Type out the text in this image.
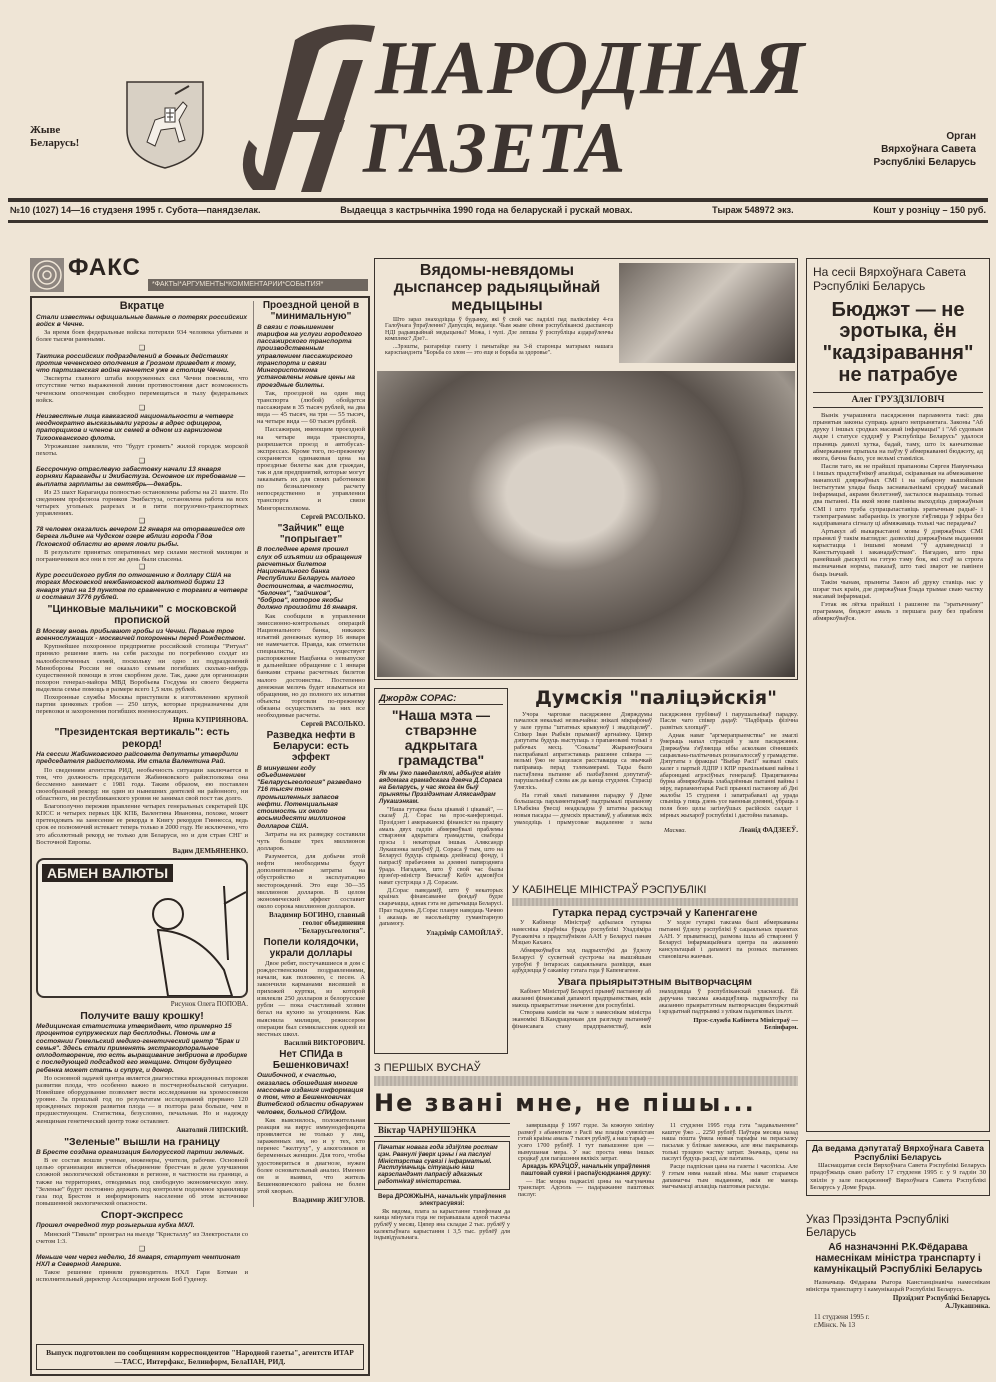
Жыве Беларусь!
НАРОДНАЯ
ГАЗЕТА	Орган
Вярхоўнага Савета
Рэспублікі Беларусь
№10 (1027) 14—16 студзеня 1995 г. Субота—панядзелак.	Выдаецца з кастрычніка 1990 года на беларускай і рускай мовах.	Тыраж 548972 экз.	Кошт у розніцу – 150 руб.
ФАКС
*ФАКТЫ*АРГУМЕНТЫ*КОММЕНТАРИИ*СОБЫТИЯ*
Вкратце
Стали известны официальные данные о потерях российских войск в Чечне.
За время боев федеральные войска потеряли 934 человека убитыми и более тысячи ранеными.
❑
Тактика российских подразделений в боевых действиях против чеченского ополчения в Грозном приведет к тому, что партизанская война начнется уже в столице Чечни.
Эксперты главного штаба вооруженных сил Чечни пояснили, что отсутствие четко выраженной линии противостояния даст возможность чеченским ополченцам свободно перемещаться в тылу федеральных войск.
❑
Неизвестные лица кавказской национальности в четверг неоднократно высказывали угрозы в адрес офицеров, прапорщиков и членов их семей в одном из гарнизонов Тихоокеанского флота.
Угрожавшие заявляли, что "будут громить" жилой городок морской пехоты.
❑
Бессрочную отраслевую забастовку начали 13 января горняки Караганды и Экибастуза. Основное их требование — выплата зарплаты за сентябрь—декабрь.
Из 23 шахт Караганды полностью остановлены работы на 21 шахте. По сведениям профсоюза горняков Экибастуза, остановлена работа на всех четырех угольных разрезах и в пяти погрузочно-транспортных управлениях.
❑
78 человек оказались вечером 12 января на оторвавшейся от берега льдине на Чудском озере вблизи города Гдов Псковской области во время ловли рыбы.
В результате принятых оперативных мер силами местной милиции и пограничников все они в тот же день были спасены.
❑
Курс российского рубля по отношению к доллару США на торгах Московской межбанковской валютной биржи 13 января упал на 19 пунктов по сравнению с торгами в четверг и составил 3776 рублей.
"Цинковые мальчики" с московской пропиской
В Москву вновь прибывают гробы из Чечни. Первые трое военнослужащих - москвичей похоронены перед Рождеством.
Крупнейшее похоронное предприятие российской столицы "Ритуал" приняло решение взять на себя расходы по погребению солдат из малообеспеченных семей, поскольку ни одно из подразделений Минобороны России не оказало семьям погибших сколько-нибудь существенной помощи в этом скорбном деле. Так, даже для организации похорон генерал-майора МВД Воробьева Госдума из своего бюджета выделила семье помощь в размере всего 1,5 млн. рублей.
Похоронные службы Москвы приступили к изготовлению крупной партии цинковых гробов — 250 штук, которые предназначены для перевозки и захоронения погибших военнослужащих.
Ирина КУПРИЯНОВА.
"Президентская вертикаль": есть рекорд!
На сессии Жабинковского райсовета депутаты утвердили председателя райисполкома. Им стала Валентина Рай.
По сведениям агентства РИД, необычность ситуации заключается в том, что должность председателя Жабинковского райисполкома она бессменно занимает с 1981 года. Таким образом, ею поставлен своеобразный рекорд: ни один из нынешних деятелей ни районного, ни областного, ни республиканского уровня не занимал свой пост так долго.
Благополучно пережив правление четырех генеральных секретарей ЦК КПСС и четырех первых ЦК КПБ, Валентина Ивановна, похоже, может претендовать на занесение ее рекорда в Книгу рекордов Гиннесса, ведь срок ее полномочий истекает теперь только в 2000 году. Не исключено, что это абсолютный рекорд не только для Беларуси, но и для стран СНГ и Восточной Европы.
Вадим ДЕМЬЯНЕНКО.
АБМЕН ВАЛЮТЫ
Рисунок Олега ПОПОВА.
Получите вашу крошку!
Медицинская статистика утверждает, что примерно 15 процентов супружеских пар бесплодны. Помочь им в состоянии Гомельский медико-генетический центр "Брак и семья". Здесь стали применять экстракорпоральное оплодотворение, то есть выращивание эмбриона в пробирке с последующей подсадкой его женщине. Отцом будущего ребенка может стать и супруг, и донор.
Но основной задачей центра является диагностика врожденных пороков развития плода, что особенно важно в постчернобыльской ситуации. Новейшее оборудование позволяет вести исследования на хромосомном уровне. За прошлый год по результатам исследований прервано 120 врожденных пороков развития плода — в полтора раза больше, чем в предшествующем. Статистика, безусловно, печальная. Но и надежду женщинам генетический центр тоже оставляет.
Анатолий ЛИПСКИЙ.
"Зеленые" вышли на границу
В Бресте создана организация Белорусской партии зеленых.
В ее состав вошли ученые, инженеры, учителя, рабочие. Основной целью организации является объединение брестчан в деле улучшения сложной экологической обстановки в регионе, в частности на границе, а также на территориях, отводимых под свободную экономическую зону. "Зеленые" будут постоянно держать под контролем подземное хранилище газа под Брестом и информировать население об этом источнике повышенной экологической опасности.
Спорт-экспресс
Прошел очередной тур розыгрыша кубка МХЛ.
Минский "Тивали" проиграл на выезде "Кристаллу" из Электростали со счетом 1:3.
❑
Меньше чем через неделю, 16 января, стартует чемпионат НХЛ в Северной Америке.
Такое решение приняли руководитель НХЛ Гари Бэтман и исполнительный директор Ассоциации игроков Боб Гуденоу.
Проездной ценой в "минимальную"
В связи с повышением тарифов на услуги городского пассажирского транспорта производственным управлением пассажирского транспорта и связи Мингорисполкома установлены новые цены на проездные билеты.
Так, проездной на один вид транспорта (любой) обойдется пассажирам в 35 тысяч рублей, на два вида — 45 тысяч, на три — 55 тысяч, на четыре вида — 60 тысяч рублей.
Пассажирам, имеющим проездной на четыре вида транспорта, разрешается проезд в автобусах-экспрессах. Кроме того, по-прежнему сохраняется одинаковая цена на проездные билеты как для граждан, так и для предприятий, которые могут заказывать их для своих работников по безналичному расчету непосредственно в управлении транспорта и связи Мингорисполкома.
Сергей РАСОЛЬКО.
"Зайчик" еще "попрыгает"
В последнее время прошел слух об изъятии из обращения расчетных билетов Национального банка Республики Беларусь малого достоинства, в частности, "белочек", "зайчиков", "бобров", которое якобы должно произойти 16 января.
Как сообщили в управлении эмиссионно-контрольных операций Национального банка, никаких изъятий денежных купюр 16 января не намечается. Правда, как отметили специалисты, существует распоряжение Нацбанка о невыпуске в дальнейшее обращение с 1 января банками страны расчетных билетов малого достоинства. Постепенно денежная мелочь будет изыматься из обращения, но до полного их изъятия объекты торговли по-прежнему обязаны осуществлять за них все необходимые расчеты.
Сергей РАСОЛЬКО.
Разведка нефти в Беларуси: есть эффект
В минувшем году объединением "Беларусьгеология" разведано 716 тысяч тонн промышленных запасов нефти. Потенциальная стоимость их около восьмидесяти миллионов долларов США.
Затраты на их разведку составили чуть больше трех миллионов долларов.
Разумеется, для добычи этой нефти необходимы будут дополнительные затраты на обустройство и эксплуатацию месторождений. Это еще 30—35 миллионов долларов. В целом экономический эффект составит около сорока миллионов долларов.
Владимир БОГИНО, главный геолог объединения "Беларусьгеология".
Попели колядочки, украли доллары
Двое ребят, постучавшиеся в дом с рождественскими поздравлениями, начали, как положено, с песен. А закончили карманами висевшей в прихожей куртки, из которой извлекли 250 долларов и белорусские рубли — пока счастливый хозяин бегал на кухню за угощением. Как выяснила милиция, режиссером операции был семиклассник одной из местных школ.
Василий ВИКТОРОВИЧ.
Нет СПИДа в Бешенковичах!
Ошибочной, к счастью, оказалась обошедшая многие массовые издания информация о том, что в Бешенковичах Витебской области обнаружен человек, больной СПИДом.
Как выяснилось, положительная реакция на вирус иммунодефицита проявляется не только у лиц, зараженных им, но и у тех, кто перенес "желтуху", у алкоголиков и беременных женщин. Для того, чтобы удостовериться в диагнозе, нужен более основательный анализ. Именно он и выявил, что житель Бешенковичского района не болен этой хворью.
Владимир ЖИГУЛОВ.
Выпуск подготовлен по сообщениям корреспондентов "Народной газеты", агентств ИТАР—ТАСС, Интерфакс, Белинформ, БелаПАН, РИД.
Вядомы-невядомы дыспансер радыяцыйнай медыцыны
Што зараз знаходзіцца ў будынку, які ў свой час ладзілі пад паліклініку 4-га Галоўнага ўпраўлення? Дапусцім, ведаеце. Чым жыве сёння рэспубліканскі дыспансер НДІ радыяцыйнай медыцыны? Можа, і чулі. Дзе лепшы ў рэспубліцы аздараўленчы комплекс? Дзе?..
...Зрэшты, разгарніце газету і пачытайце на 3-й старонцы матэрыял нашага карэспандэнта "Борьба со злом — это еще и борьба за здоровье".
Джордж СОРАС:
"Наша мэта — стварэнне адкрытага грамадства"
Як мы ўжо паведамлялі, адбыўся візіт вядомага грамадскага дзеяча Д.Сораса на Беларусь, у час якога ён быў прыняты Прэзідэнтам Аляксандрам Лукашэнкам.
"Наша гутарка была цікавай і цікавай", — сказаў Д. Сорас на прэс-канферэнцыі. Прэзідэнт і амерыканскі фінансіст на працягу амаль двух гадзін абмеркоўвалі праблемы стварэння адкрытага грамадства, свабоды прэсы і некаторыя іншыя. Аляксандр Лукашэнка запэўніў Д. Сораса ў тым, што на Беларусі будуць спрыяць дзейнасці фонду, і папрасіў прабачэння за дзеянні папярэдняга ўрада. Нагадаем, што ў свой час былы прэм'ер-міністр Вячаслаў Кебіч адмовіўся нават сустрэцца з Д. Сорасам.
Д.Сорас паведаміў, што ў некаторых краінах фінансаванне фондаў будзе скарачацца, аднак гэта не датычыцца Беларусі. Праз тыдзень Д.Сорас плануе наведаць Чачню і аказаць яе насельніцтву гуманітарную дапамогу.
Уладзімір САМОЙЛАЎ.
Думскія "паліцэйскія"
Учора чарговае пасяджэнне Дзярждумы пачалося некалькі незвычайна: знікалі мікрафонаў у зале групы "штатных крыкуноў і звадзіцеляў". Спікер Іван Рыбкін прыманіў аргнаінку. Цяпер дэпутаты будуць выступаць з прапановамі толькі з рабочых месц. "Сокалы" Жырыноўскага паспрабавалі апратэставаць рашэнне спікера — вельмі ўжо не хацелася расставацца са звычкай папіраваць перад тэлекамерамі. Тады было пастаўлена пытанне аб пазбаўленні дэпутатаў-парушальнікаў слова аж да канца студзеня. Страсці ўляглісь.
На гэтай хвалі папавання парадку ў Думе большасць парламентарыяў падтрымалі прапанову І.Рыбкіна ўвесці неадкладна ў штатны расклад новыя пасады — думскіх прыставаў, у абавязак якіх уваходзіць і прымусовае выдаленне з залы пасяджэння грубіянаў і парушальнікаў парадку. Пасля чаго спікер дадаў: "Падбіраць фізічна развітых хлопцаў".
Аднак нават "аргмерапрыемствы" не змаглі ўмерыць напал страсцей у зале пасяджэння. Дзяржаўма з'яўляецца нібы асколкам сённяшніх сацыяльна-палітычных рознагалоссяў у грамадстве. Дэпутаты з фракцыі "Выбар Расіі" назвалі сваіх калег з партый ЛДПР і КПР прыхільнікамі вайны і абаронцамі агрэсіўных генералаў. Працягваючы бурна абмяркоўваць злабадзённыя пытанні вайны і міру, парламентарыі Расіі прынялі пастанову аб Дні жалобы 15 студзеня і запатрабавалі ад урада спыніць у пяць дзень усе ваенныя дзеянні, убраць з поля бою целы загінуўшых расійскіх салдат і мірных жыхароў рэспублікі і дастойна пахаваць.
Масква.	Леанід ФАДЗЕЕЎ.
У КАБІНЕЦЕ МІНІСТРАЎ РЭСПУБЛІКІ
Гутарка перад сустрэчай у Капенгагене
У Кабінеце Міністраў адбылася гутарка намесніка кіраўніка ўрада рэспублікі Уладзіміра Русакевіча з прадстаўніком ААН у Беларусі панам Мэцью Каханэ.
Абмяркоўваўся ход падрыхтоўкі да ўдзелу Беларусі ў сусветнай сустрэчы на вышэйшым узроўні ў інтарэсах сацыяльнага развіцця, якая адбудзецца ў сакавіку гэтага года ў Капенгагене.
У ходзе гутаркі таксама былі абмеркаваны пытанні ўдзелу рэспублікі ў сацыяльных праектах ААН. У прыватнасці, размова ішла аб стварэнні ў Беларусі інфармацыйнага цэнтра па аказанню кансультацый і дапамогі па розных пытаннях становішча жанчын.
Увага прыярытэтным вытворчасцям
Кабінет Міністраў Беларусі прыняў пастанову аб аказанні фінансавай дапамогі прадпрыемствам, якія маюць прыярытэтнае значэнне для рэспублікі.
Створана камісія на чале з намеснікам міністра эканомікі В.Кандраценкам для разгляду пытанняў фінансавага стану прадпрыемстваў, якія знаходзяцца ў рэспубліканскай уласнасці. Ёй даручана таксама ажыццяўляць падрыхтоўку па аказанню прыярытэтным вытворчасцям бюджэтнай і крэдытнай падтрымкі з улікам падатковых ільгот.
Прэс-служба Кабінета Міністраў — Белінфарм.
З ПЕРШЫХ ВУСНАЎ
Не звані мне, не пішы...
Віктар ЧАРНУШЭНКА
Пачатак новага года здзіўляе ростам цэн. Рванулі ўверх цэны і на паслугі Міністэрства сувязі і інфарматыкі. Растлумачыць сітуацыю наш карэспандэнт папрасіў адказных работнікаў міністэрства.
Вера ДРОЖЖЫНА, начальнік упраўлення электрасувязі:
Як вядома, плата за карыстанне тэлефонам да канца мінулага года не перавышала адной тысячы рублёў у месяц. Цяпер яна складае 2 тыс. рублёў у калектыўнага карыстання і 3,5 тыс. рублёў для індывідуальнага.
завяршыцца ў 1997 годзе. За кожную хвіліну размоў з абанентам з Расіі мы плацім сувязістам гэтай краіны амаль 7 тысяч рублёў, а наш тарыф — усяго 1700 рублёў. І тут павышэнне цэн — вымушаная мера. У нас проста няма іншых сродкаў для пагашэння вялікіх затрат.
Аркадзь КРАЎЦОЎ, начальнік упраўлення паштовай сувязі і распаўсюджання друку:
— Нас моцна падкасілі цэны на чыгуначны транспарт. Адсюль — падаражанне паштовых паслуг.
11 студзеня 1995 года гэта "задавальненне" каштуе ўжо ... 2250 рублёў. Паўтара месяца назад наша пошта ўвяла новыя тарыфы на перасылку пасылак у блізкае замежжа, але яны пакрываюць толькі трэцюю частку затрат. Значыць, цэны на паслугі будуць расці, але паэтапна.
Расце падпісная цана на газеты і часопісы. Але ў гэтым няма нашай віны. Мы нават стараемся дапамагчы тым выданням, якія не маюць магчымасці аплаціць паштовыя расходы.
На сесіі Вярхоўнага Савета Рэспублікі Беларусь
Бюджэт — не эротыка, ён "кадзіравання" не патрабуе
Алег ГРУЗДЗІЛОВІЧ
Вынік учарашняга пасяджэння парламента такі: два прынятыя законы супраць аднаго непрынятага. Законы "Аб друку і іншых сродках масавай інфармацыі" і "Аб судовым ладзе і статусе суддзяў у Рэспубліцы Беларусь" удалося прыняць даволі хутка, бадай, таму, што іх канчатковае абмеркаванне прыпала на паўзу ў абмеркаванні бюджэту, ад якога, бачна было, усе вельмі стаміліся.
Пасля таго, як не прайшлі прапановы Сяргея Навумчыка і іншых прадстаўнікоў апазіцыі, скіраваныя на абмежаванне манаполіі дзяржаўных СМІ і на забарону вышэйшым інстытутам улады быць заснавальнікамі сродкаў масавай інфармацыі, акрамя бюлетэняў, засталося вырашыць толькі два пытанні. На якой мове павінны выходзіць дзяржаўныя СМІ і што трэба супрацьпаставіць эратычным радыё- і тэлепраграмам: забараніць іх увогуле з'яўляцца ў эфіры без кадзіраванага сігналу ці абмяжаваць толькі час перадачы?
Артыкул аб выкарыстанні мовы ў дзяржаўных СМІ прынялі ў такім выглядзе: дазволіці дзяржаўным выданням карыстацца і іншымі мовамі "ў адпаведнасці з Канстытуцыяй і заканадаўствам". Нагадаю, што пры ранейшай дыскусіі на гэтую тэму бок, які стаў за строга вызначаныя нормы, паказаў, што такі зварот не павінен быць іначай.
Такім чынам, прыняты Закон аб друку ставіць нас у шэраг тых краін, дзе дзяржаўная ўлада трымае сваю частку масавай інфармацыі.
Гэтак як лёгка прайшлі і рашэнне па "эратычнаму" праграмам, бюджэт амаль з першага разу без праблем абмяркоўваўся.
Да ведама дэпутатаў Вярхоўнага Савета Рэспублікі Беларусь
Шаснаццатая сесія Вярхоўнага Савета Рэспублікі Беларусь прадоўжыць сваю работу 17 студзеня 1995 г. у 9 гадзін 30 хвілін у зале пасяджэнняў Вярхоўнага Савета Рэспублікі Беларусь у Доме ўрада.
Указ Прэзідэнта Рэспублікі Беларусь
Аб назначэнні Р.К.Фёдарава намеснікам міністра транспарту і камунікацый Рэспублікі Беларусь
Назначыць Фёдарава Рыгора Канстанцінавіча намеснікам міністра транспарту і камунікацый Рэспублікі Беларусь.
Прэзідэнт Рэспублікі Беларусь
А.Лукашэнка.
11 студзеня 1995 г.
г.Мінск. № 13
